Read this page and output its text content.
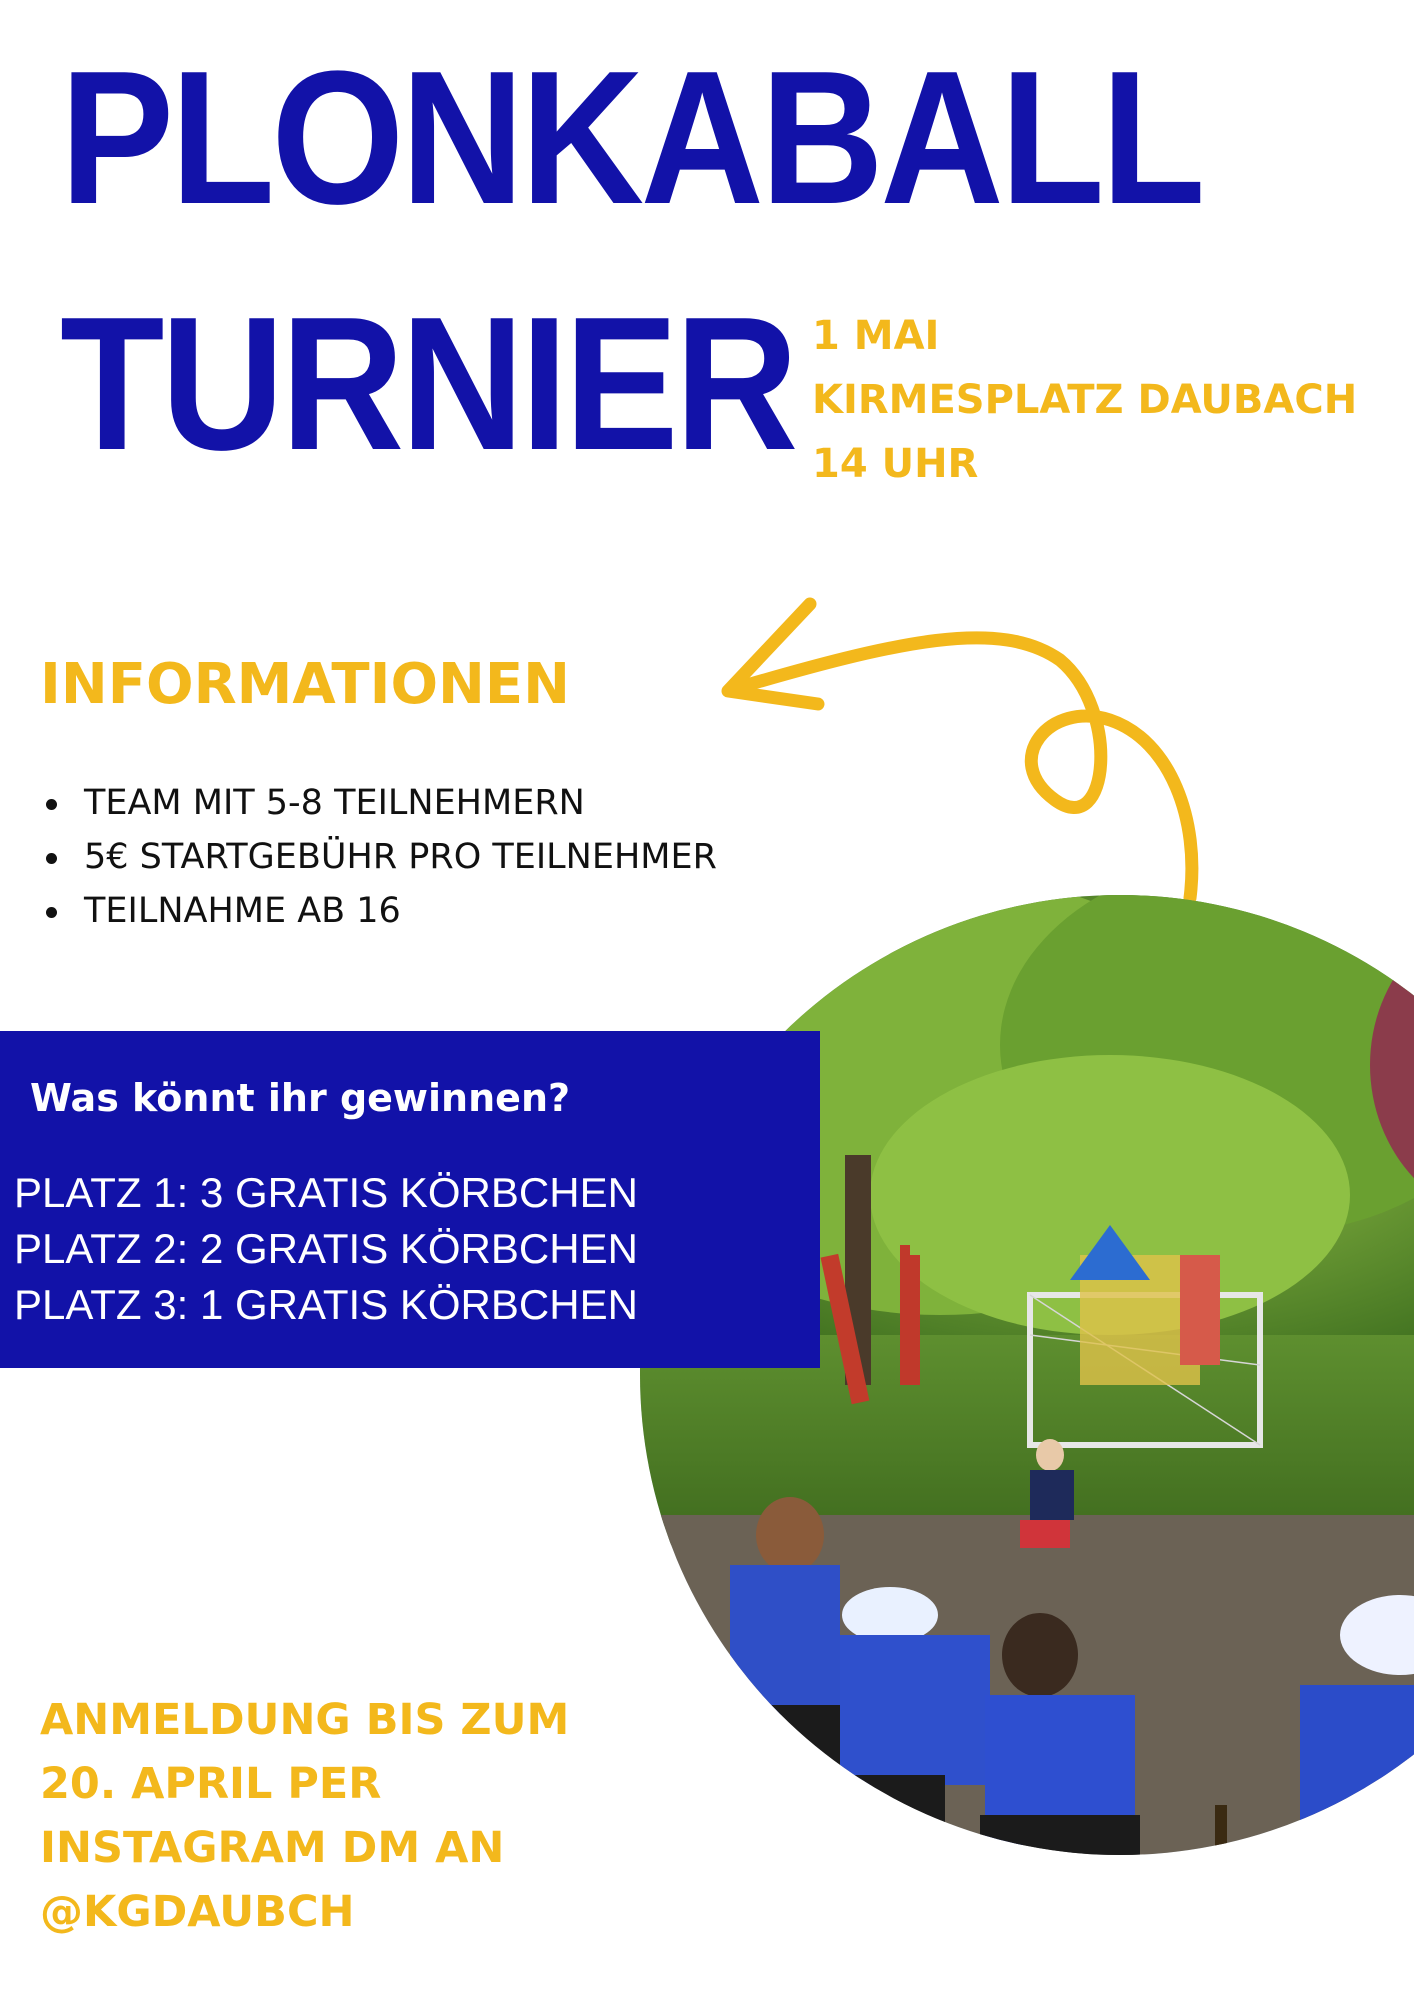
PLONKABALL
TURNIER 1 MAI
KIRMESPLATZ DAUBACH
14 UHR
INFORMATIONEN
TEAM MIT 5-8 TEILNEHMERN
5€ STARTGEBÜHR PRO TEILNEHMER
TEILNAHME AB 16
Was könnt ihr gewinnen?
PLATZ 1: 3 GRATIS KÖRBCHEN
PLATZ 2: 2 GRATIS KÖRBCHEN
PLATZ 3: 1 GRATIS KÖRBCHEN
ANMELDUNG BIS ZUM
20. APRIL PER
INSTAGRAM DM AN
@KGDAUBCH
